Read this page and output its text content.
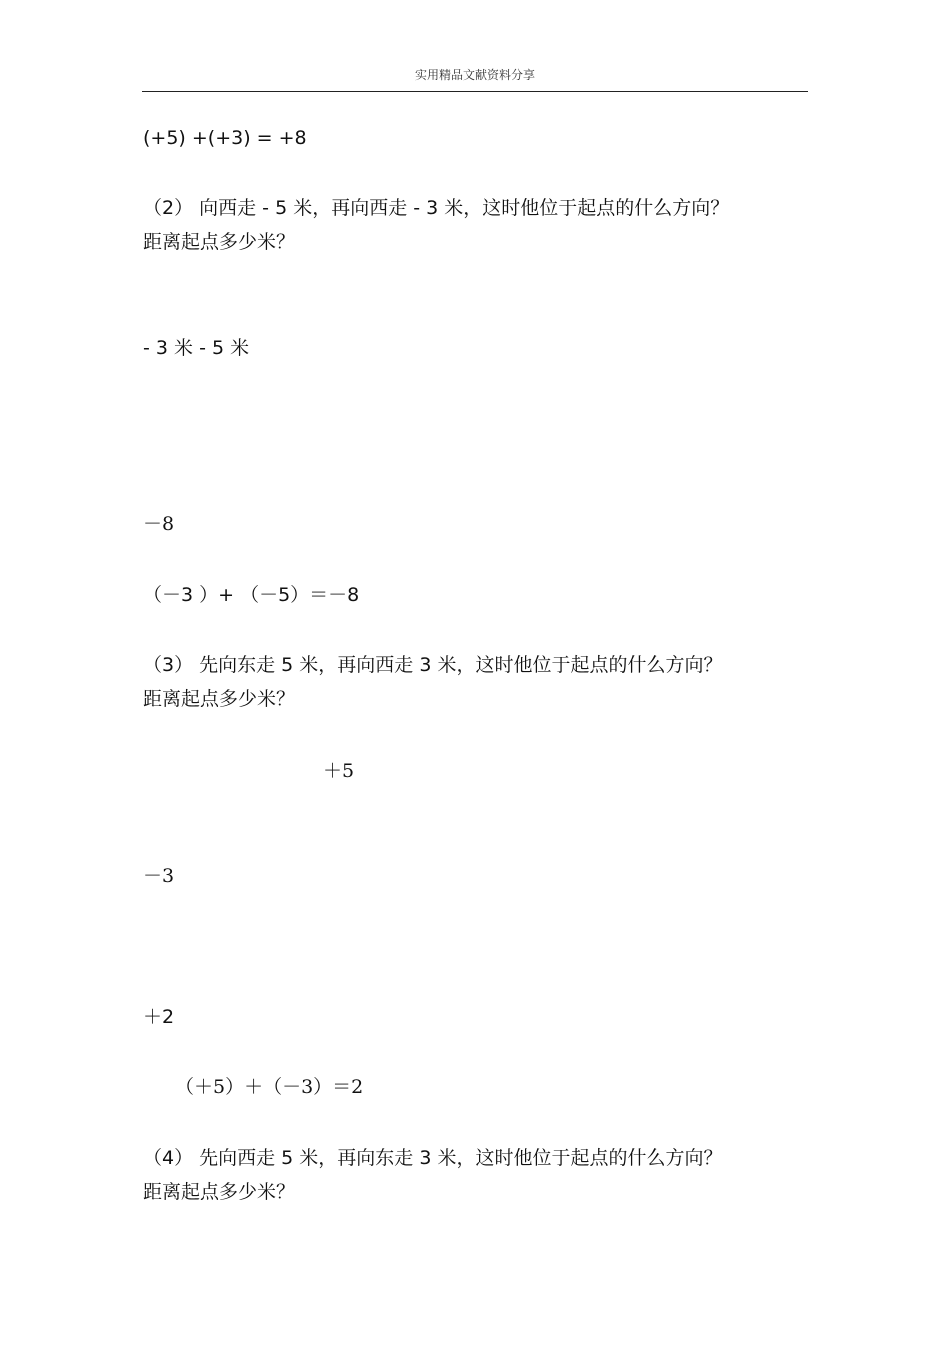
实用精品文献资料分享
(+5) +(+3) = +8
（2） 向西走 - 5 米，再向西走 - 3 米，这时他位于起点的什么方向？
距离起点多少米？
- 3 米 - 5 米
－8
（－3 ）+ （－5）＝－8
（3） 先向东走 5 米，再向西走 3 米，这时他位于起点的什么方向？
距离起点多少米？
＋5
－3
＋2
（＋5）＋（－3）＝2
（4） 先向西走 5 米，再向东走 3 米，这时他位于起点的什么方向？
距离起点多少米？
